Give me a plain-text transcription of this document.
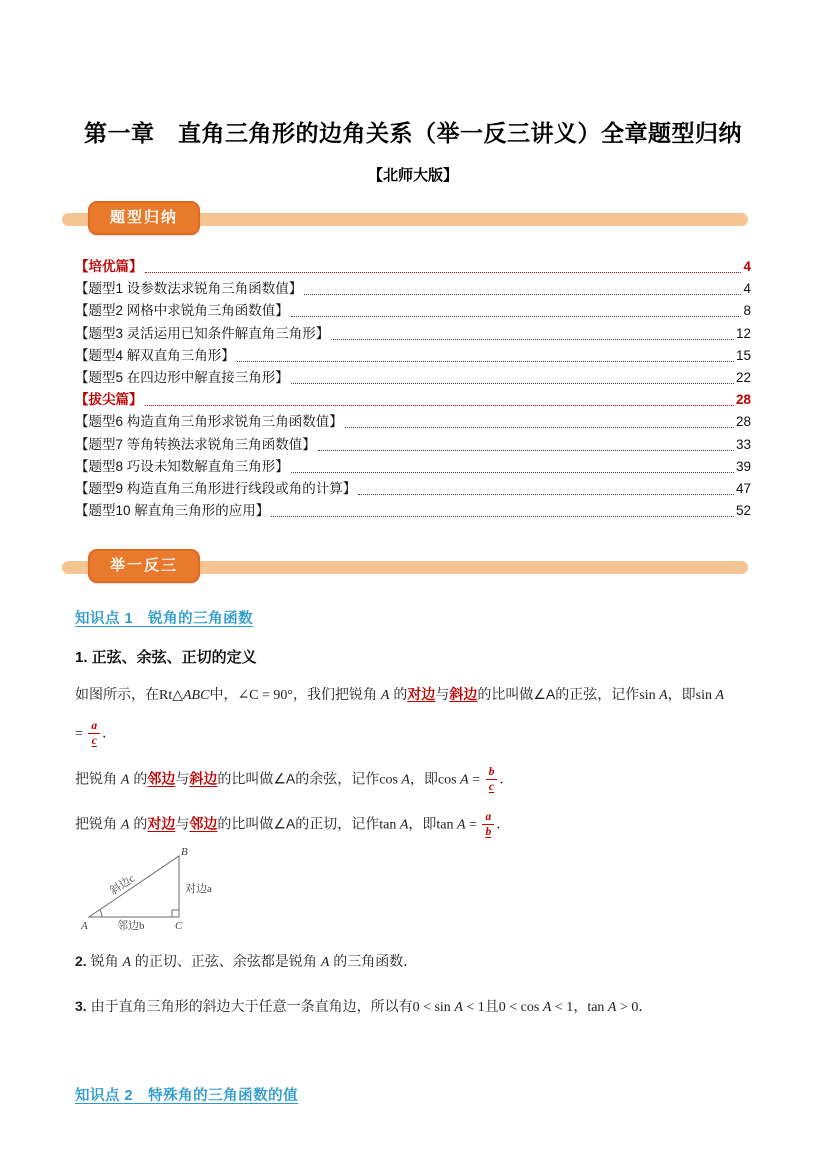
第一章　直角三角形的边角关系（举一反三讲义）全章题型归纳
【北师大版】
题型归纳
【培优篇】	4
【题型1 设参数法求锐角三角函数值】	4
【题型2 网格中求锐角三角函数值】	8
【题型3 灵活运用已知条件解直角三角形】	12
【题型4 解双直角三角形】	15
【题型5 在四边形中解直接三角形】	22
【拔尖篇】	28
【题型6 构造直角三角形求锐角三角函数值】	28
【题型7 等角转换法求锐角三角函数值】	33
【题型8 巧设未知数解直角三角形】	39
【题型9 构造直角三角形进行线段或角的计算】	47
【题型10 解直角三角形的应用】	52
举一反三
知识点 1　锐角的三角函数
1. 正弦、余弦、正切的定义
如图所示，在Rt△ABC中，∠C = 90°，我们把锐角 A 的对边与斜边的比叫做∠A的正弦，记作sin A，即sin A
= $\frac{a}{c}$ ．
把锐角 A 的邻边与斜边的比叫做∠A的余弦，记作cos A，即$\cos A = \frac{b}{c}$ ．
把锐角 A 的对边与邻边的比叫做∠A的正切，记作tan A，即$\tan A = \frac{a}{b}$ ．
A	C
B
邻边b
对边a
斜边c
2. 锐角 A 的正切、正弦、余弦都是锐角 A 的三角函数．
3. 由于直角三角形的斜边大于任意一条直角边，所以有0 < sin A < 1且0 < cos A < 1，tan A > 0．
知识点 2　特殊角的三角函数的值
